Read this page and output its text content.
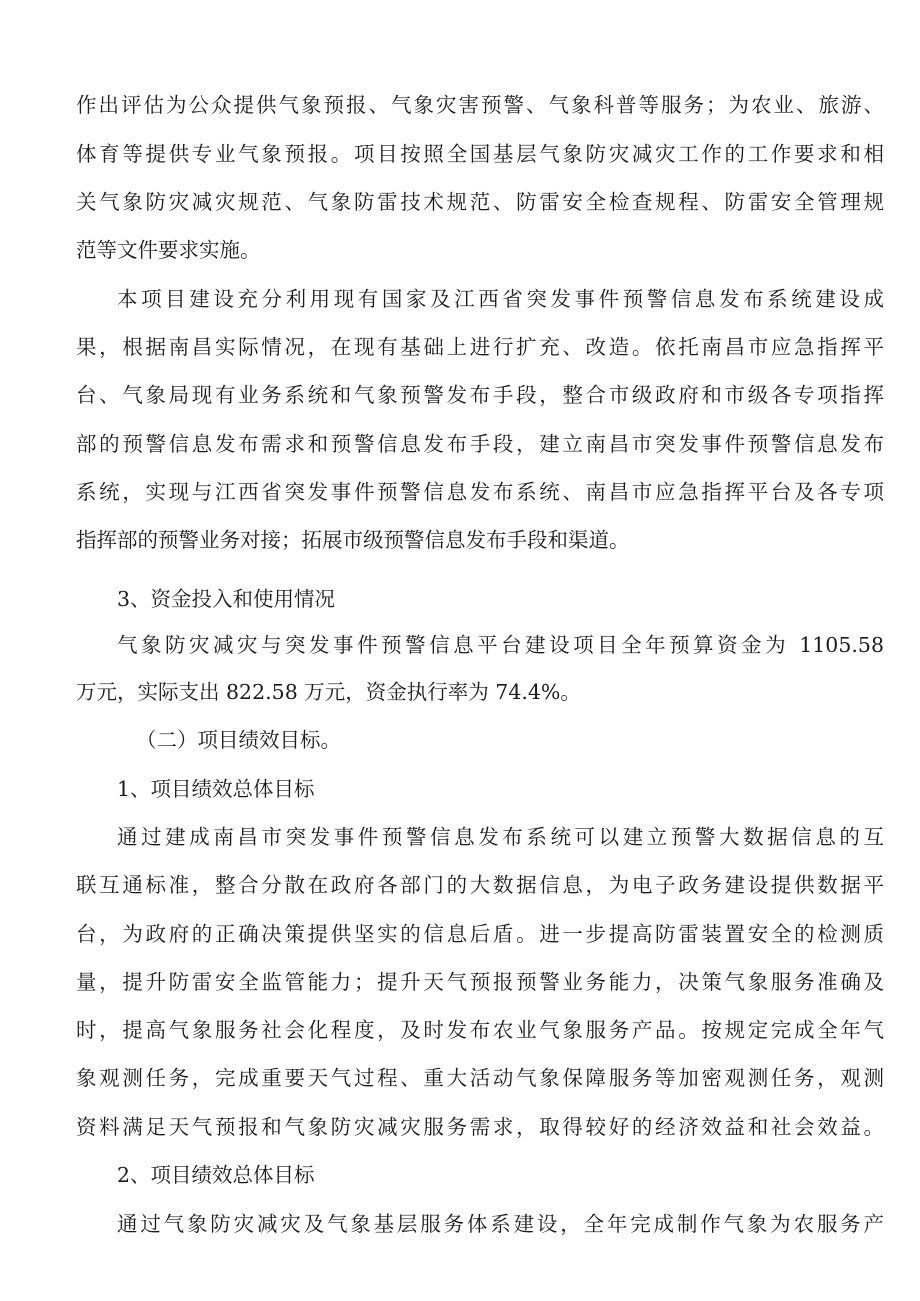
作出评估为公众提供气象预报、气象灾害预警、气象科普等服务；为农业、旅游、

体育等提供专业气象预报。项目按照全国基层气象防灾减灾工作的工作要求和相

关气象防灾减灾规范、气象防雷技术规范、防雷安全检查规程、防雷安全管理规

范等文件要求实施。

本项目建设充分利用现有国家及江西省突发事件预警信息发布系统建设成

果，根据南昌实际情况，在现有基础上进行扩充、改造。依托南昌市应急指挥平

台、气象局现有业务系统和气象预警发布手段，整合市级政府和市级各专项指挥

部的预警信息发布需求和预警信息发布手段，建立南昌市突发事件预警信息发布

系统，实现与江西省突发事件预警信息发布系统、南昌市应急指挥平台及各专项

指挥部的预警业务对接；拓展市级预警信息发布手段和渠道。

3、资金投入和使用情况

气象防灾减灾与突发事件预警信息平台建设项目全年预算资金为 1105.58

万元，实际支出 822.58 万元，资金执行率为 74.4%。

（二）项目绩效目标。

1、项目绩效总体目标

通过建成南昌市突发事件预警信息发布系统可以建立预警大数据信息的互

联互通标准，整合分散在政府各部门的大数据信息，为电子政务建设提供数据平

台，为政府的正确决策提供坚实的信息后盾。进一步提高防雷装置安全的检测质

量，提升防雷安全监管能力；提升天气预报预警业务能力，决策气象服务准确及

时，提高气象服务社会化程度，及时发布农业气象服务产品。按规定完成全年气

象观测任务，完成重要天气过程、重大活动气象保障服务等加密观测任务，观测

资料满足天气预报和气象防灾减灾服务需求，取得较好的经济效益和社会效益。

2、项目绩效总体目标

通过气象防灾减灾及气象基层服务体系建设，全年完成制作气象为农服务产
